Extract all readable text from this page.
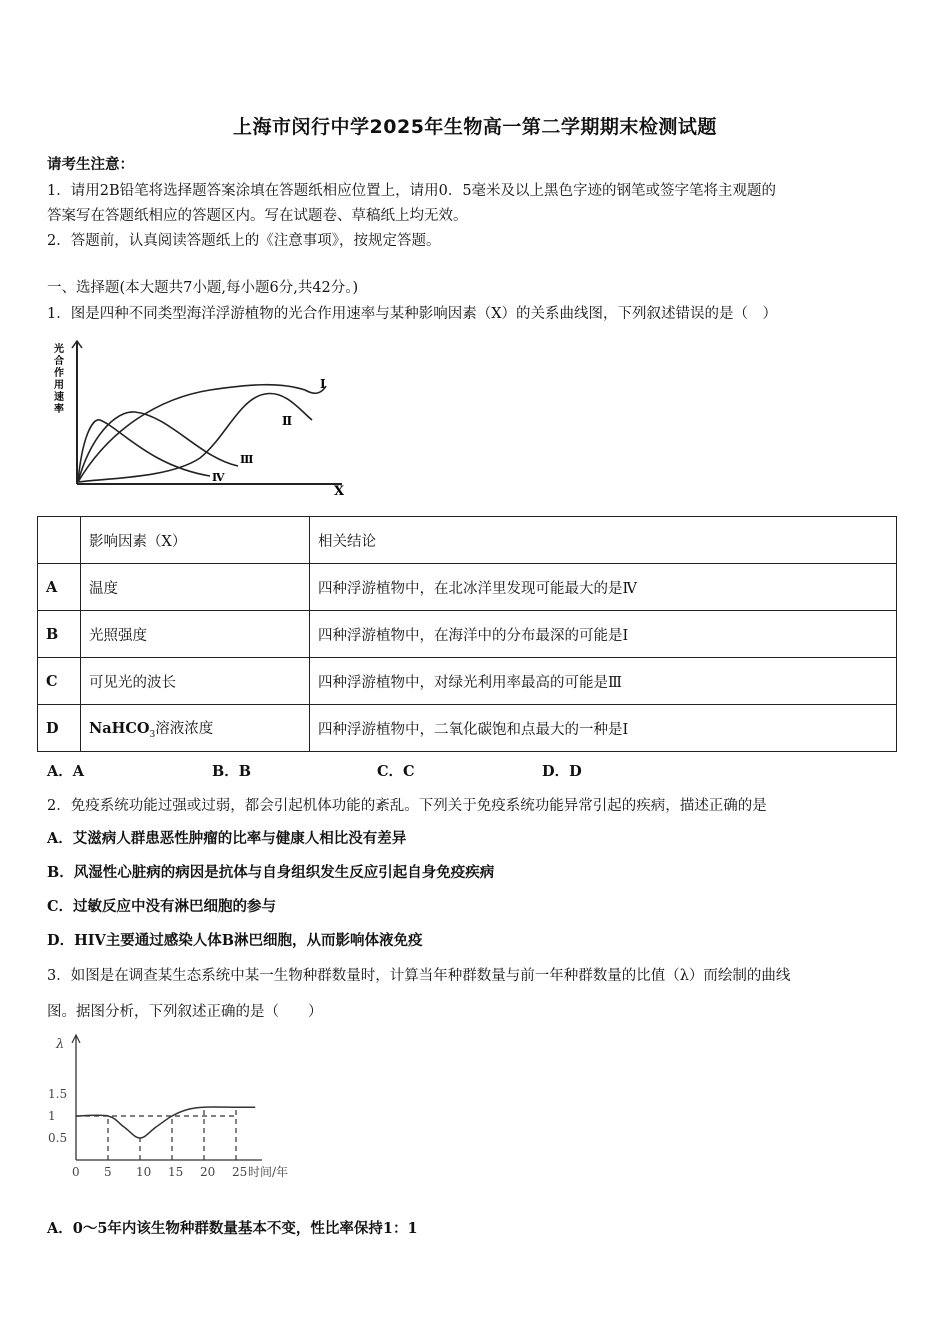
上海市闵行中学2025年生物高一第二学期期末检测试题
请考生注意：
1．请用2B铅笔将选择题答案涂填在答题纸相应位置上，请用0．5毫米及以上黑色字迹的钢笔或签字笔将主观题的
答案写在答题纸相应的答题区内。写在试题卷、草稿纸上均无效。
2．答题前，认真阅读答题纸上的《注意事项》，按规定答题。
一、选择题(本大题共7小题,每小题6分,共42分。)
1．图是四种不同类型海洋浮游植物的光合作用速率与某种影响因素（X）的关系曲线图，下列叙述错误的是（　）
光
合
作
用
速
率
X
Ⅰ
Ⅱ
Ⅲ
Ⅳ
	影响因素（X）	相关结论
A	温度	四种浮游植物中，在北冰洋里发现可能最大的是Ⅳ
B	光照强度	四种浮游植物中，在海洋中的分布最深的可能是Ⅰ
C	可见光的波长	四种浮游植物中，对绿光利用率最高的可能是Ⅲ
D	NaHCO$_3$溶液浓度	四种浮游植物中，二氧化碳饱和点最大的一种是Ⅰ
A．A	B．B	C．C	D．D
2．免疫系统功能过强或过弱，都会引起机体功能的紊乱。下列关于免疫系统功能异常引起的疾病，描述正确的是
A．艾滋病人群患恶性肿瘤的比率与健康人相比没有差异
B．风湿性心脏病的病因是抗体与自身组织发生反应引起自身免疫疾病
C．过敏反应中没有淋巴细胞的参与
D．HIV主要通过感染人体B淋巴细胞，从而影响体液免疫
3．如图是在调查某生态系统中某一生物种群数量时，计算当年种群数量与前一年种群数量的比值（λ）而绘制的曲线
图。据图分析，下列叙述正确的是（　　）
λ
时间/年
0.5
1
1.5
0 5 10 15 20 25
A．0～5年内该生物种群数量基本不变，性比率保持1：1
